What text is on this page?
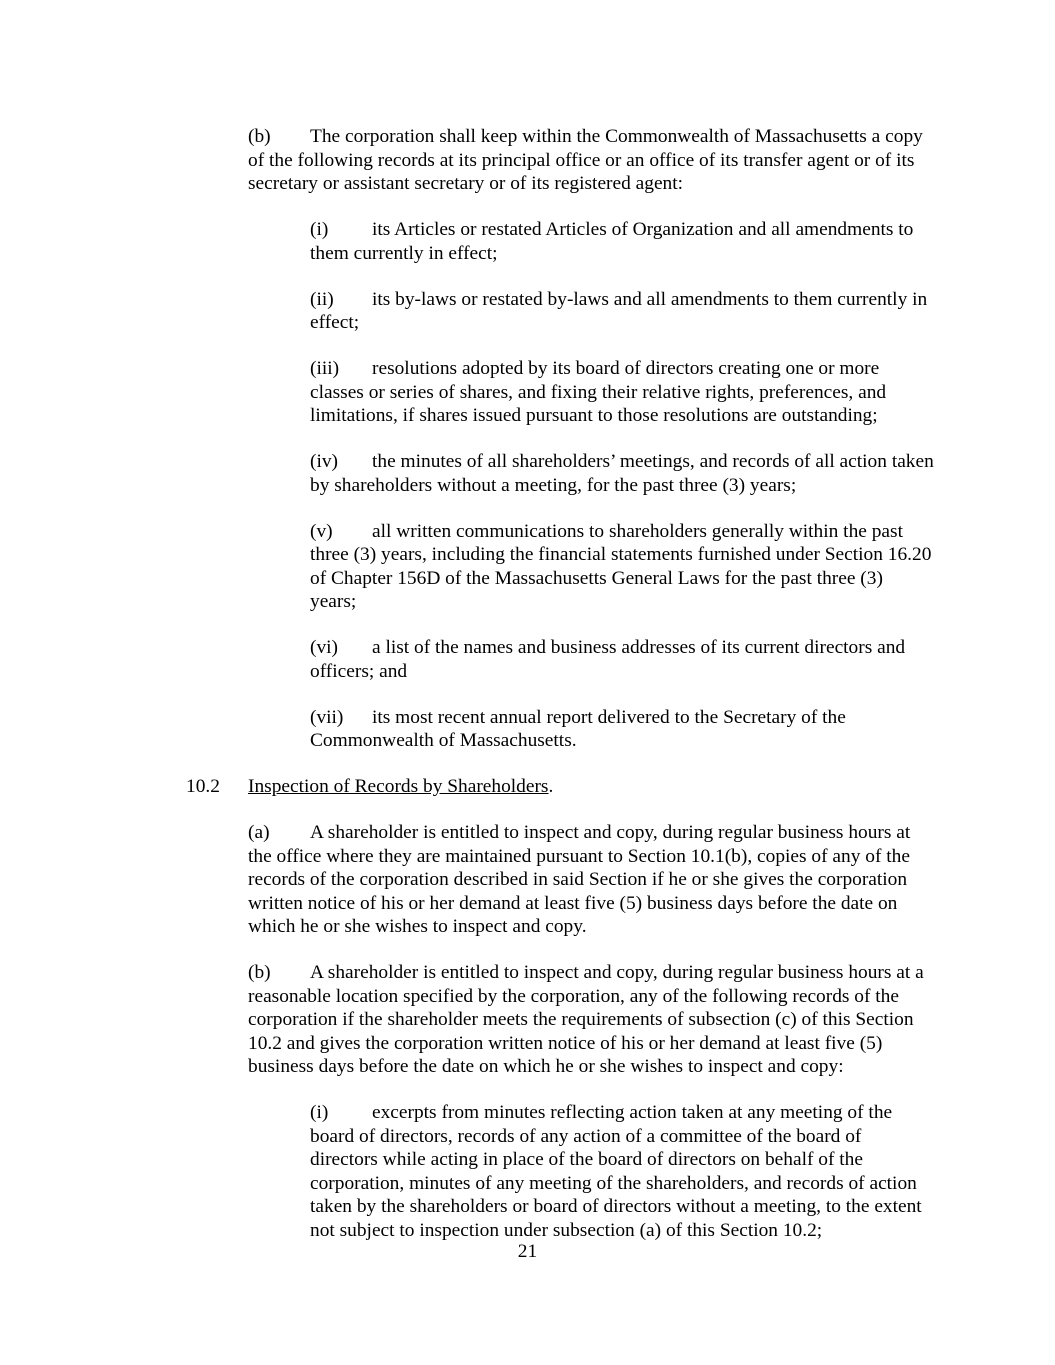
(b) The corporation shall keep within the Commonwealth of Massachusetts a copy of the following records at its principal office or an office of its transfer agent or of its secretary or assistant secretary or of its registered agent:

(i) its Articles or restated Articles of Organization and all amendments to them currently in effect;

(ii) its by-laws or restated by-laws and all amendments to them currently in effect;

(iii) resolutions adopted by its board of directors creating one or more classes or series of shares, and fixing their relative rights, preferences, and limitations, if shares issued pursuant to those resolutions are outstanding;

(iv) the minutes of all shareholders’ meetings, and records of all action taken by shareholders without a meeting, for the past three (3) years;

(v) all written communications to shareholders generally within the past three (3) years, including the financial statements furnished under Section 16.20 of Chapter 156D of the Massachusetts General Laws for the past three (3) years;

(vi) a list of the names and business addresses of its current directors and officers; and

(vii) its most recent annual report delivered to the Secretary of the Commonwealth of Massachusetts.

10.2 Inspection of Records by Shareholders.

(a) A shareholder is entitled to inspect and copy, during regular business hours at the office where they are maintained pursuant to Section 10.1(b), copies of any of the records of the corporation described in said Section if he or she gives the corporation written notice of his or her demand at least five (5) business days before the date on which he or she wishes to inspect and copy.

(b) A shareholder is entitled to inspect and copy, during regular business hours at a reasonable location specified by the corporation, any of the following records of the corporation if the shareholder meets the requirements of subsection (c) of this Section 10.2 and gives the corporation written notice of his or her demand at least five (5) business days before the date on which he or she wishes to inspect and copy:

(i) excerpts from minutes reflecting action taken at any meeting of the board of directors, records of any action of a committee of the board of directors while acting in place of the board of directors on behalf of the corporation, minutes of any meeting of the shareholders, and records of action taken by the shareholders or board of directors without a meeting, to the extent not subject to inspection under subsection (a) of this Section 10.2;

21
